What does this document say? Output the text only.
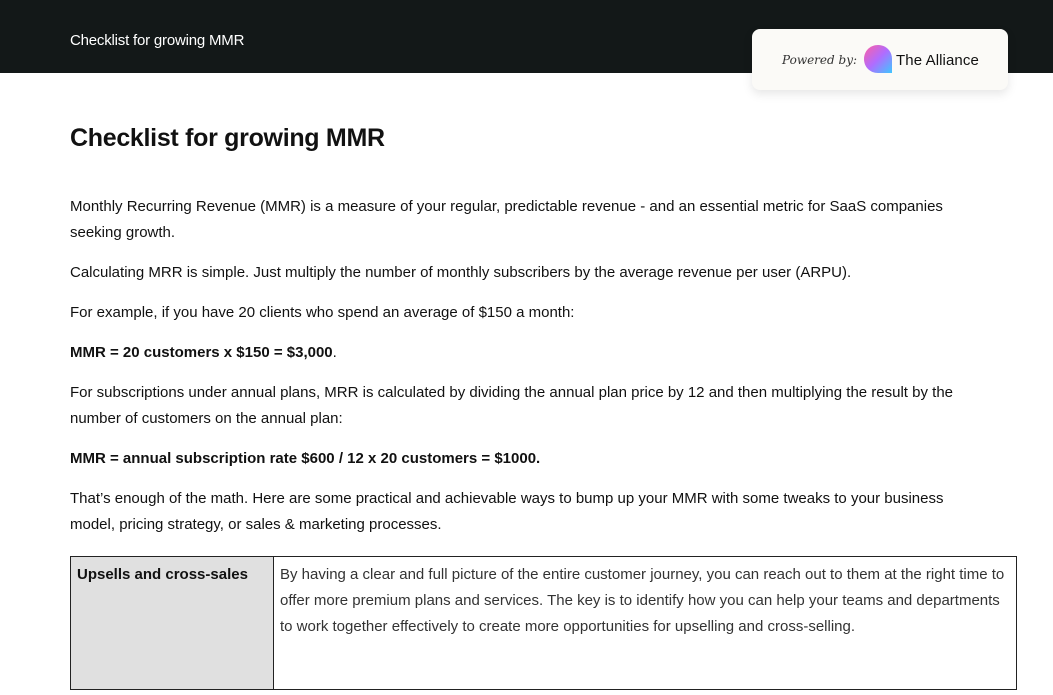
Checklist for growing MMR
Powered by:	The Alliance
Checklist for growing MMR

Monthly Recurring Revenue (MMR) is a measure of your regular, predictable revenue - and an essential metric for SaaS companies seeking growth.

Calculating MRR is simple. Just multiply the number of monthly subscribers by the average revenue per user (ARPU).

For example, if you have 20 clients who spend an average of $150 a month:

MMR = 20 customers x $150 = $3,000.

For subscriptions under annual plans, MRR is calculated by dividing the annual plan price by 12 and then multiplying the result by the number of customers on the annual plan:

MMR = annual subscription rate $600 / 12 x 20 customers = $1000.

That’s enough of the math. Here are some practical and achievable ways to bump up your MMR with some tweaks to your business model, pricing strategy, or sales & marketing processes.

Upsells and cross-sales	By having a clear and full picture of the entire customer journey, you can reach out to them at the right time to offer more premium plans and services. The key is to identify how you can help your teams and departments to work together effectively to create more opportunities for upselling and cross-selling.
